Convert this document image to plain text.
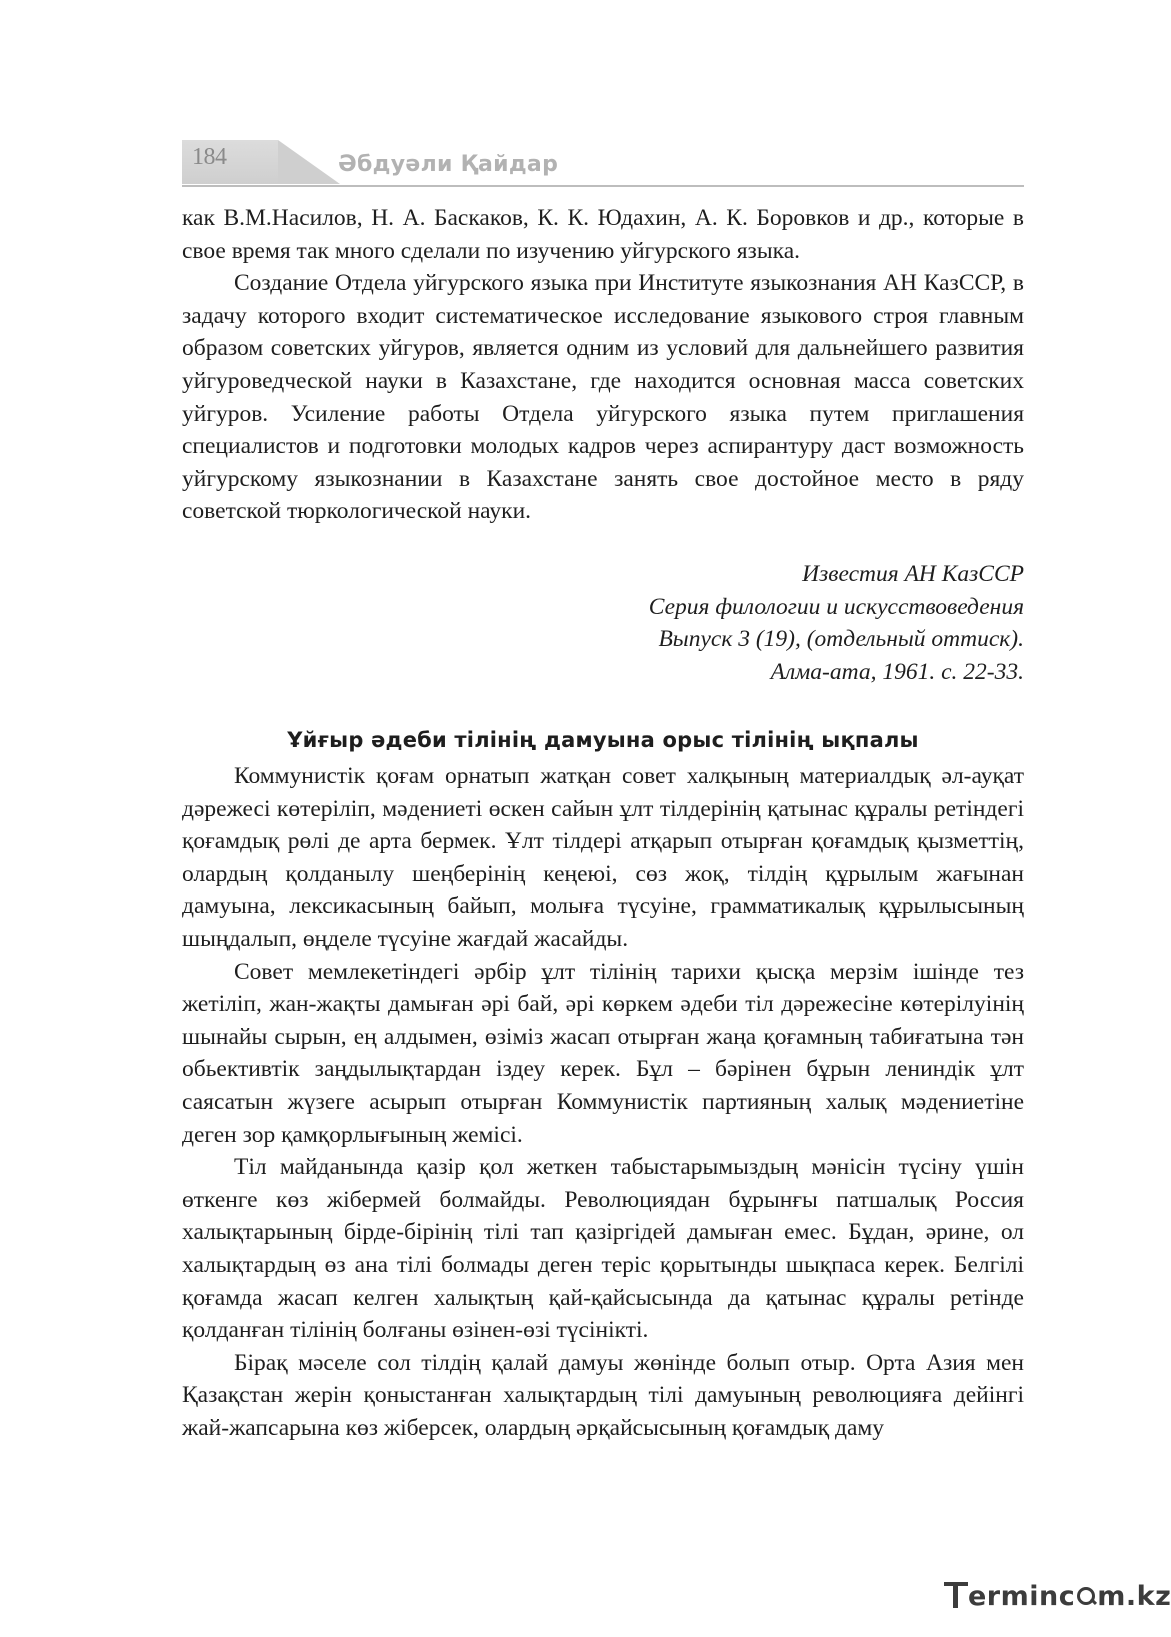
184	Әбдуәли Қайдар

как В.М.Насилов, Н. А. Баскаков, К. К. Юдахин, А. К. Боровков и др., которые в свое время так много сделали по изучению уйгурского языка.

Создание Отдела уйгурского языка при Институте языкознания АН КазССР, в задачу которого входит систематическое исследование языкового строя главным образом советских уйгуров, является одним из условий для дальнейшего развития уйгуроведческой науки в Казахстане, где находится основная масса советских уйгуров. Усиление работы Отдела уйгурского языка путем приглашения специалистов и подготовки молодых кадров через аспирантуру даст возможность уйгурскому языкознании в Казахстане занять свое достойное место в ряду советской тюркологической науки.

Известия АН КазССР
Серия филологии и искусствоведения
Выпуск 3 (19), (отдельный оттиск).
Алма-ата, 1961. с. 22-33.
Ұйғыр әдеби тілінің дамуына орыс тілінің ықпалы

Коммунистік қоғам орнатып жатқан совет халқының материалдық әл-ауқат дәрежесі көтеріліп, мәдениеті өскен сайын ұлт тілдерінің қатынас құралы ретіндегі қоғамдық рөлі де арта бермек. Ұлт тілдері атқарып отырған қоғамдық қызметтің, олардың қолданылу шеңберінің кеңеюі, сөз жоқ, тілдің құрылым жағынан дамуына, лексикасының байып, молыға түсуіне, грамматикалық құрылысының шыңдалып, өңделе түсуіне жағдай жасайды.

Совет мемлекетіндегі әрбір ұлт тілінің тарихи қысқа мерзім ішінде тез жетіліп, жан-жақты дамыған әрі бай, әрі көркем әдеби тіл дәрежесіне көтерілуінің шынайы сырын, ең алдымен, өзіміз жасап отырған жаңа қоғамның табиғатына тән обьективтік заңдылықтардан іздеу керек. Бұл – бәрінен бұрын лениндік ұлт саясатын жүзеге асырып отырған Коммунистік партияның халық мәдениетіне деген зор қамқорлығының жемісі.

Тіл майданында қазір қол жеткен табыстарымыздың мәнісін түсіну үшін өткенге көз жібермей болмайды. Революциядан бұрынғы патшалық Россия халықтарының бірде-бірінің тілі тап қазіргідей дамыған емес. Бұдан, әрине, ол халықтардың өз ана тілі болмады деген теріс қорытынды шықпаса керек. Белгілі қоғамда жасап келген халықтың қай-қайсысында да қатынас құралы ретінде қолданған тілінің болғаны өзінен-өзі түсінікті.

Бірақ мәселе сол тілдің қалай дамуы жөнінде болып отыр. Орта Азия мен Қазақстан жерін қоныстанған халықтардың тілі дамуының революцияға дейінгі жай-жапсарына көз жіберсек, олардың әрқайсысының қоғамдық даму

erminc m.kz
